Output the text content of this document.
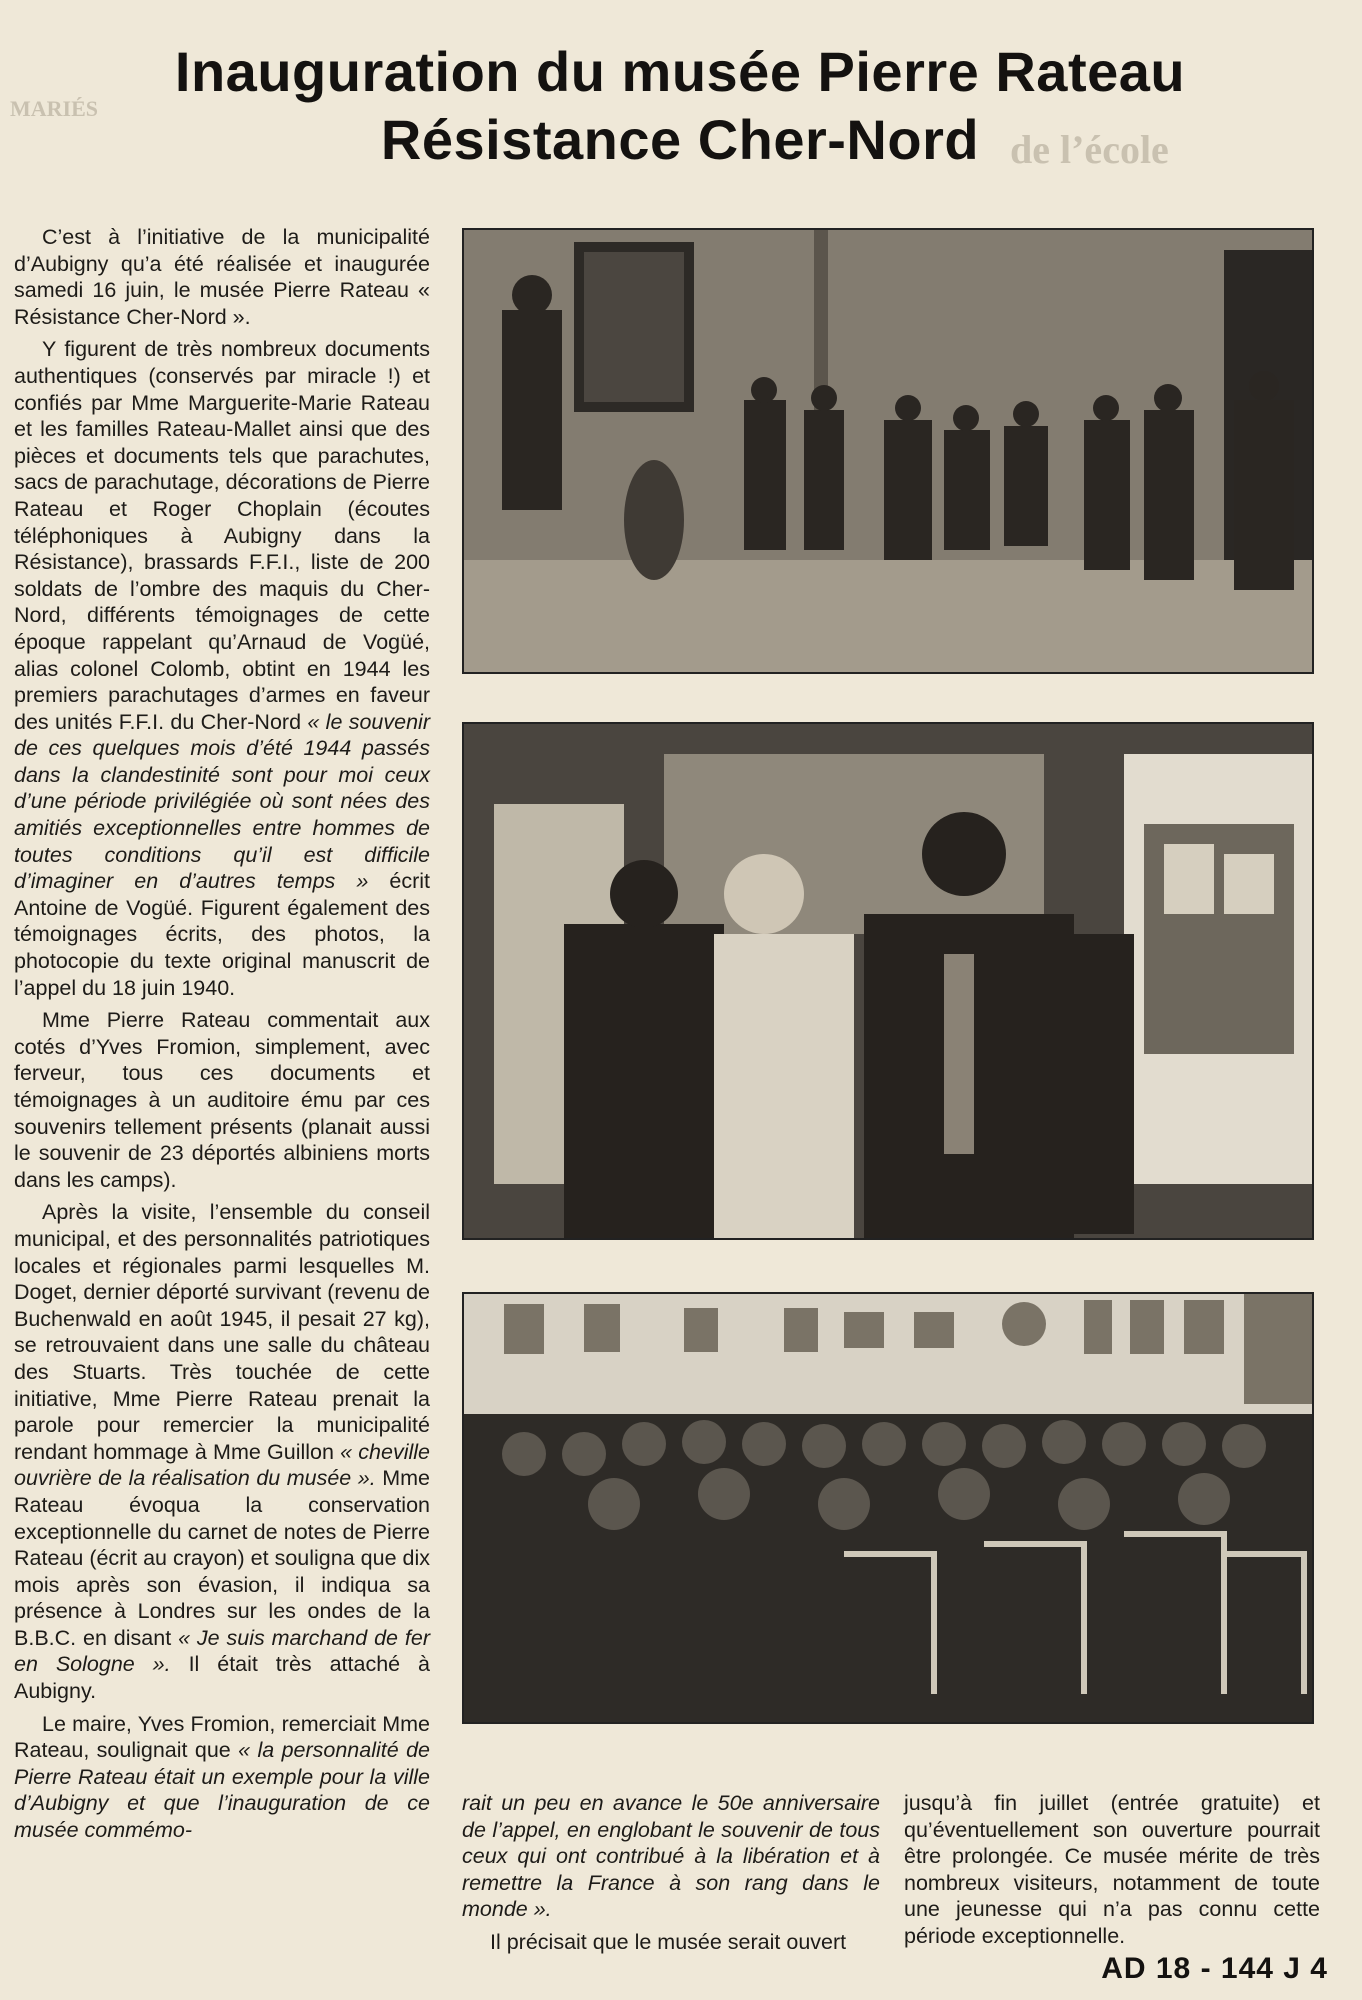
MARIÉS
de l’école
Inauguration du musée Pierre Rateau
Résistance Cher-Nord

C’est à l’initiative de la municipalité d’Aubigny qu’a été réalisée et inaugurée samedi 16 juin, le musée Pierre Rateau « Résistance Cher-Nord ».

Y figurent de très nombreux documents authentiques (conservés par miracle !) et confiés par Mme Marguerite-Marie Rateau et les familles Rateau-Mallet ainsi que des pièces et documents tels que parachutes, sacs de parachutage, décorations de Pierre Rateau et Roger Choplain (écoutes téléphoniques à Aubigny dans la Résistance), brassards F.F.I., liste de 200 soldats de l’ombre des maquis du Cher-Nord, différents témoignages de cette époque rappelant qu’Arnaud de Vogüé, alias colonel Colomb, obtint en 1944 les premiers parachutages d’armes en faveur des unités F.F.I. du Cher-Nord « le souvenir de ces quelques mois d’été 1944 passés dans la clandestinité sont pour moi ceux d’une période privilégiée où sont nées des amitiés exceptionnelles entre hommes de toutes conditions qu’il est difficile d’imaginer en d’autres temps » écrit Antoine de Vogüé. Figurent également des témoignages écrits, des photos, la photocopie du texte original manuscrit de l’appel du 18 juin 1940.

Mme Pierre Rateau commentait aux cotés d’Yves Fromion, simplement, avec ferveur, tous ces documents et témoignages à un auditoire ému par ces souvenirs tellement présents (planait aussi le souvenir de 23 déportés albiniens morts dans les camps).

Après la visite, l’ensemble du conseil municipal, et des personnalités patriotiques locales et régionales parmi lesquelles M. Doget, dernier déporté survivant (revenu de Buchenwald en août 1945, il pesait 27 kg), se retrouvaient dans une salle du château des Stuarts. Très touchée de cette initiative, Mme Pierre Rateau prenait la parole pour remercier la municipalité rendant hommage à Mme Guillon « cheville ouvrière de la réalisation du musée ». Mme Rateau évoqua la conservation exceptionnelle du carnet de notes de Pierre Rateau (écrit au crayon) et souligna que dix mois après son évasion, il indiqua sa présence à Londres sur les ondes de la B.B.C. en disant « Je suis marchand de fer en Sologne ». Il était très attaché à Aubigny.

Le maire, Yves Fromion, remerciait Mme Rateau, soulignait que « la personnalité de Pierre Rateau était un exemple pour la ville d’Aubigny et que l’inauguration de ce musée commémo-

rait un peu en avance le 50e anniversaire de l’appel, en englobant le souvenir de tous ceux qui ont contribué à la libération et à remettre la France à son rang dans le monde ».

Il précisait que le musée serait ouvert

jusqu’à fin juillet (entrée gratuite) et qu’éventuellement son ouverture pourrait être prolongée. Ce musée mérite de très nombreux visiteurs, notamment de toute une jeunesse qui n’a pas connu cette période exceptionnelle.

AD 18 - 144 J 4
